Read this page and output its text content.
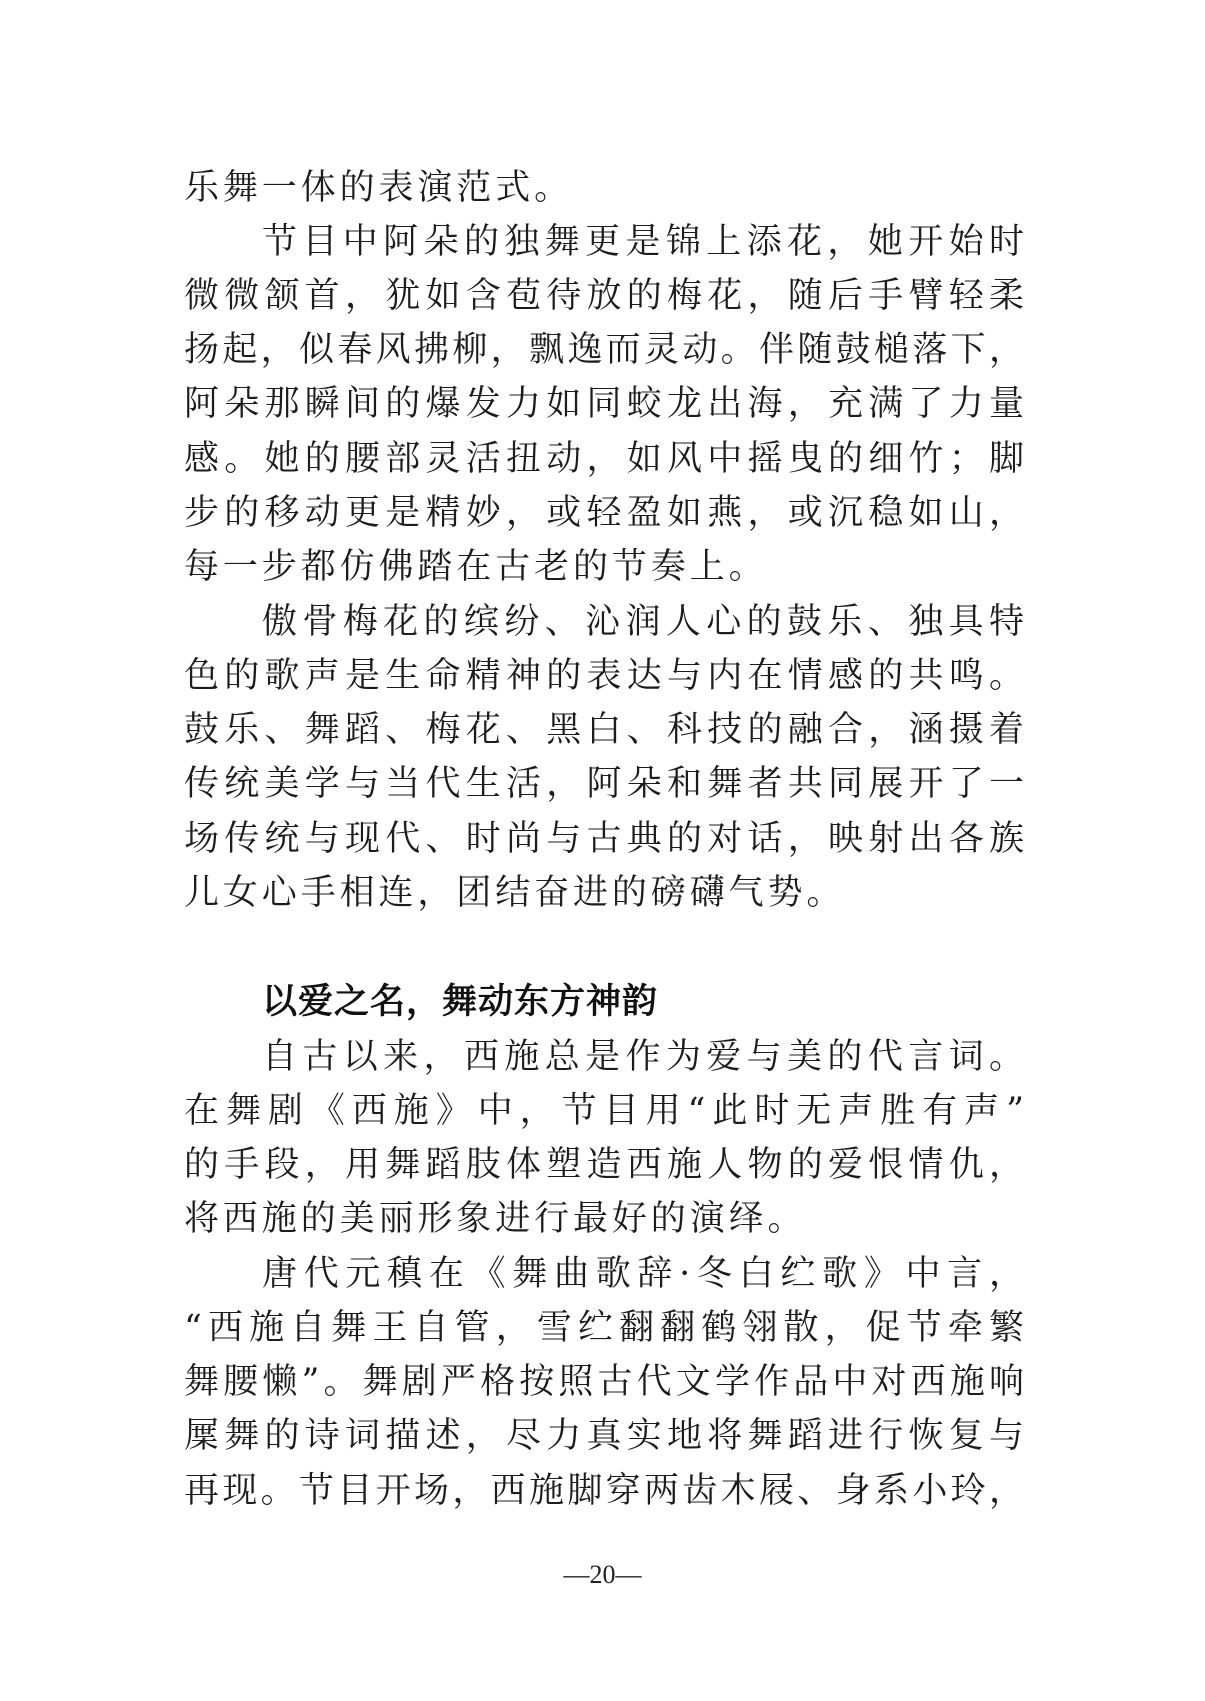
乐舞一体的表演范式。
节目中阿朵的独舞更是锦上添花，她开始时
微微颔首，犹如含苞待放的梅花，随后手臂轻柔
扬起，似春风拂柳，飘逸而灵动。伴随鼓槌落下，
阿朵那瞬间的爆发力如同蛟龙出海，充满了力量
感。她的腰部灵活扭动，如风中摇曳的细竹；脚
步的移动更是精妙，或轻盈如燕，或沉稳如山，
每一步都仿佛踏在古老的节奏上。
傲骨梅花的缤纷、沁润人心的鼓乐、独具特
色的歌声是生命精神的表达与内在情感的共鸣。
鼓乐、舞蹈、梅花、黑白、科技的融合，涵摄着
传统美学与当代生活，阿朵和舞者共同展开了一
场传统与现代、时尚与古典的对话，映射出各族
儿女心手相连，团结奋进的磅礴气势。
以爱之名，舞动东方神韵
自古以来，西施总是作为爱与美的代言词。
在舞剧《西施》中，节目用“此时无声胜有声”
的手段，用舞蹈肢体塑造西施人物的爱恨情仇，
将西施的美丽形象进行最好的演绎。
唐代元稹在《舞曲歌辞·冬白纻歌》中言，
“西施自舞王自管，雪纻翻翻鹤翎散，促节牵繁
舞腰懒”。舞剧严格按照古代文学作品中对西施响
屟舞的诗词描述，尽力真实地将舞蹈进行恢复与
再现。节目开场，西施脚穿两齿木屐、身系小玲，
—20—
